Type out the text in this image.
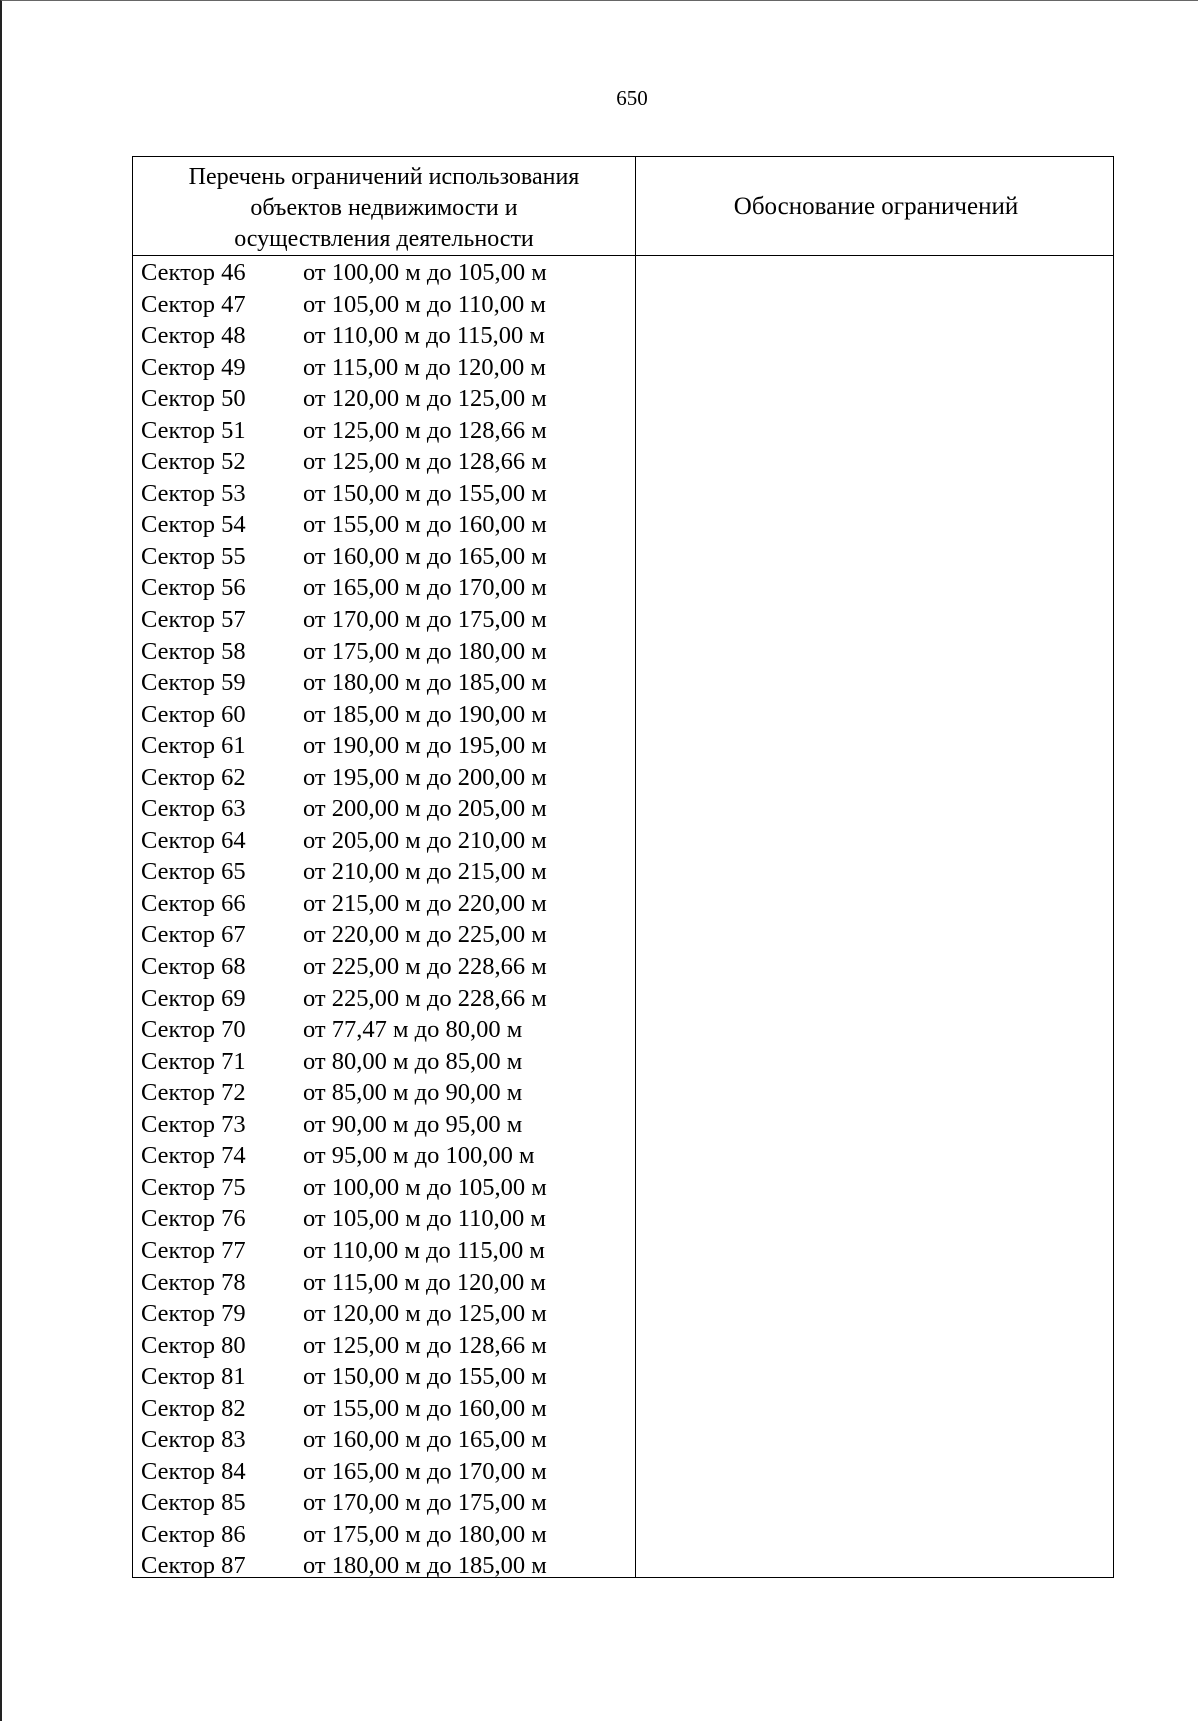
650
Перечень ограничений использования
объектов недвижимости и
осуществления деятельности
Обоснование ограничений
Сектор 46 от 100,00 м до 105,00 м
Сектор 47 от 105,00 м до 110,00 м
Сектор 48 от 110,00 м до 115,00 м
Сектор 49 от 115,00 м до 120,00 м
Сектор 50 от 120,00 м до 125,00 м
Сектор 51 от 125,00 м до 128,66 м
Сектор 52 от 125,00 м до 128,66 м
Сектор 53 от 150,00 м до 155,00 м
Сектор 54 от 155,00 м до 160,00 м
Сектор 55 от 160,00 м до 165,00 м
Сектор 56 от 165,00 м до 170,00 м
Сектор 57 от 170,00 м до 175,00 м
Сектор 58 от 175,00 м до 180,00 м
Сектор 59 от 180,00 м до 185,00 м
Сектор 60 от 185,00 м до 190,00 м
Сектор 61 от 190,00 м до 195,00 м
Сектор 62 от 195,00 м до 200,00 м
Сектор 63 от 200,00 м до 205,00 м
Сектор 64 от 205,00 м до 210,00 м
Сектор 65 от 210,00 м до 215,00 м
Сектор 66 от 215,00 м до 220,00 м
Сектор 67 от 220,00 м до 225,00 м
Сектор 68 от 225,00 м до 228,66 м
Сектор 69 от 225,00 м до 228,66 м
Сектор 70 от 77,47 м до 80,00 м
Сектор 71 от 80,00 м до 85,00 м
Сектор 72 от 85,00 м до 90,00 м
Сектор 73 от 90,00 м до 95,00 м
Сектор 74 от 95,00 м до 100,00 м
Сектор 75 от 100,00 м до 105,00 м
Сектор 76 от 105,00 м до 110,00 м
Сектор 77 от 110,00 м до 115,00 м
Сектор 78 от 115,00 м до 120,00 м
Сектор 79 от 120,00 м до 125,00 м
Сектор 80 от 125,00 м до 128,66 м
Сектор 81 от 150,00 м до 155,00 м
Сектор 82 от 155,00 м до 160,00 м
Сектор 83 от 160,00 м до 165,00 м
Сектор 84 от 165,00 м до 170,00 м
Сектор 85 от 170,00 м до 175,00 м
Сектор 86 от 175,00 м до 180,00 м
Сектор 87 от 180,00 м до 185,00 м
